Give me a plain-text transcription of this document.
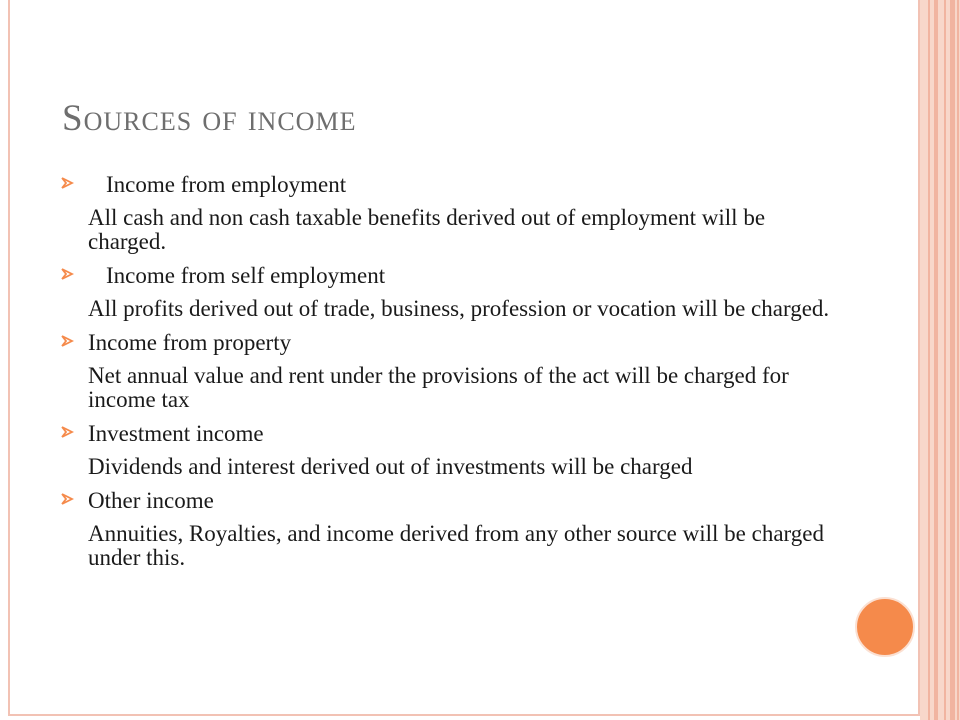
Sources of income
Income from employment
All cash and non cash taxable benefits derived out of employment will be charged.
Income from self employment
All profits derived out of trade, business, profession or vocation will be charged.
Income from property
Net annual value and rent under the provisions of the act will be charged for income tax
Investment income
Dividends and interest derived out of investments will be charged
Other income
Annuities, Royalties, and income derived from any other source will be charged under this.
